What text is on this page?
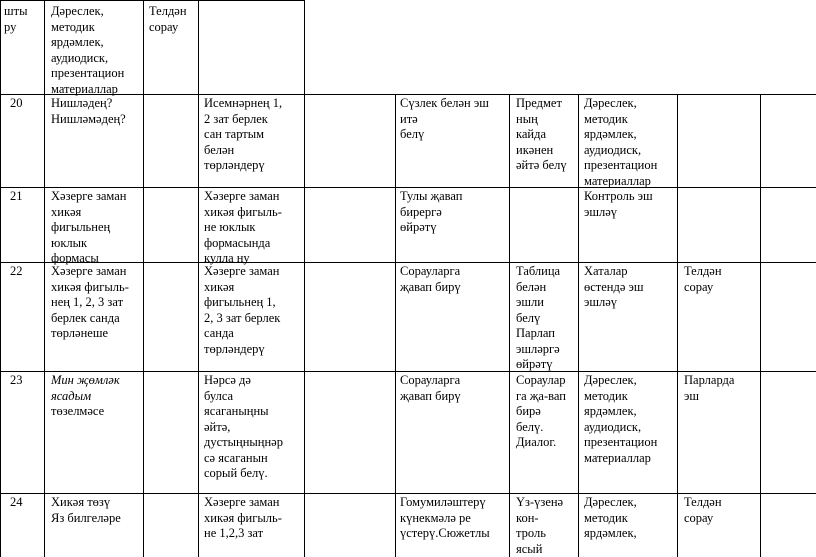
шты
ру
Дәреслек,
методик
ярдәмлек,
аудиодиск,
презентацион
материаллар
Телдән
сорау
20 Нишләдең?
Нишләмәдең?
Исемнәрнең 1,
2 зат берлек
сан тартым
белән
төрләндерү
Сүзлек белән эш
итә
белү
Предмет
ның
кайда
икәнен
әйтә белү
Дәреслек,
методик
ярдәмлек,
аудиодиск,
презентацион
материаллар
21 Хәзерге заман
хикәя
фигыльнең
юклык
формасы
Хәзерге заман
хикәя фигыль-
не юклык
формасында
кулла ну
Тулы җавап
бирергә
өйрәтү
Контроль эш
эшләү
22 Хәзерге заман
хикәя фигыль-
нең 1, 2, 3 зат
берлек санда
төрләнеше
Хәзерге заман
хикәя
фигыльнең 1,
2, 3 зат берлек
санда
төрләндерү
Сорауларга
җавап бирү
Таблица
белән
эшли
белү
Парлап
эшләргә
өйрәтү
Хаталар
өстендә эш
эшләү
Телдән
сорау
23 Мин җөмләк
ясадым
төзелмәсе
Нәрсә дә
булса
ясаганыңны
әйтә,
дустыңныңнәр
сә ясаганын
сорый белү.
Сорауларга
җавап бирү
Сораулар
га җа-вап
бирә
белү.
Диалог.
Дәреслек,
методик
ярдәмлек,
аудиодиск,
презентацион
материаллар
Парларда
эш
24 Хикәя төзү
Яз билгеләре
Хәзерге заман
хикәя фигыль-
не 1,2,3 зат
Гомумиләштерү
күнекмәлә ре
үстерү.Сюжетлы
Үз-үзенә
кон-
троль
ясый
Дәреслек,
методик
ярдәмлек,
Телдән
сорау
